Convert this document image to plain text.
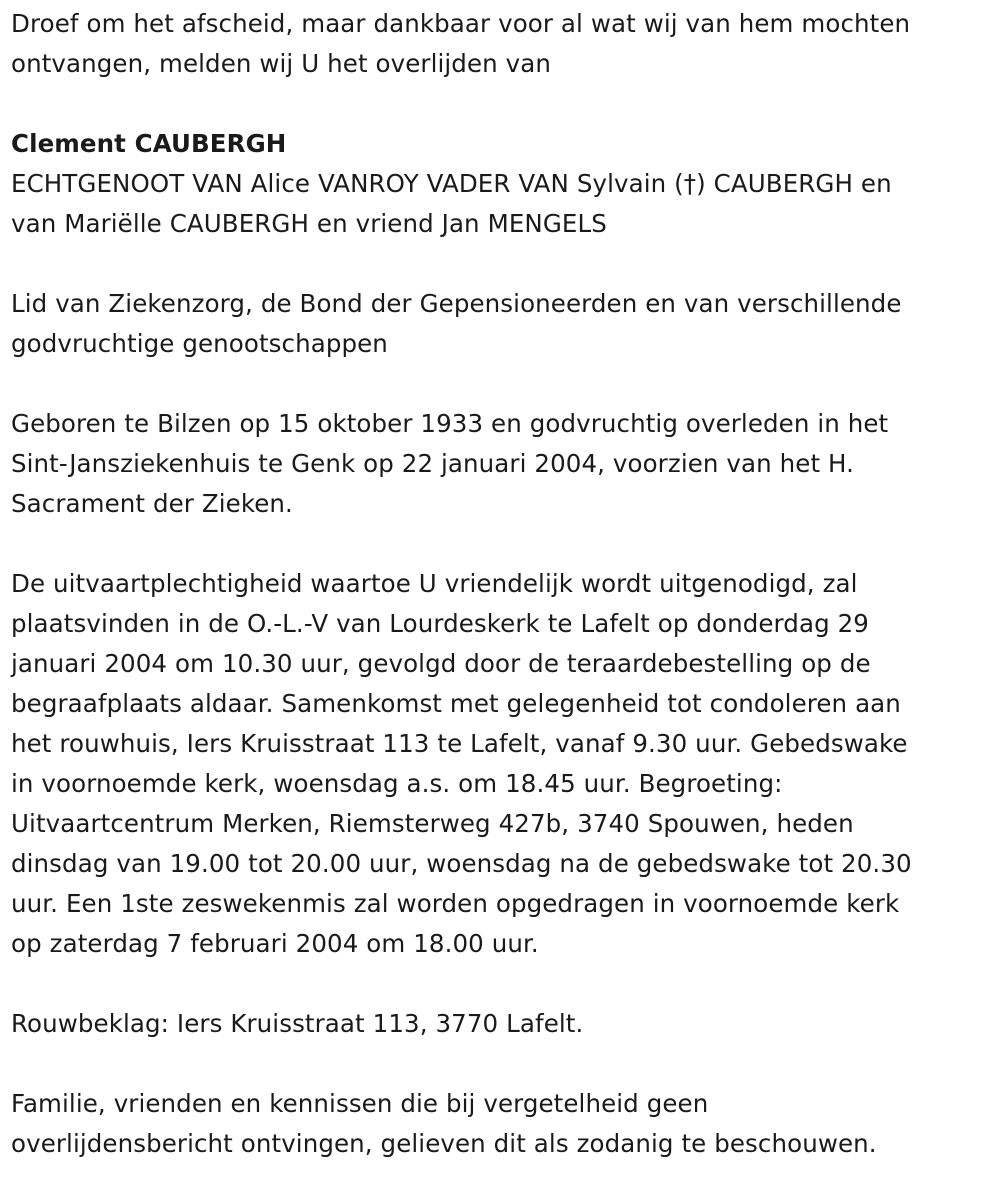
Droef om het afscheid, maar dankbaar voor al wat wij van hem mochten

ontvangen, melden wij U het overlijden van

Clement CAUBERGH

ECHTGENOOT VAN Alice VANROY VADER VAN Sylvain (†) CAUBERGH en

van Mariëlle CAUBERGH en vriend Jan MENGELS

Lid van Ziekenzorg, de Bond der Gepensioneerden en van verschillende

godvruchtige genootschappen

Geboren te Bilzen op 15 oktober 1933 en godvruchtig overleden in het

Sint-Jansziekenhuis te Genk op 22 januari 2004, voorzien van het H.

Sacrament der Zieken.

De uitvaartplechtigheid waartoe U vriendelijk wordt uitgenodigd, zal

plaatsvinden in de O.-L.-V van Lourdeskerk te Lafelt op donderdag 29

januari 2004 om 10.30 uur, gevolgd door de teraardebestelling op de

begraafplaats aldaar. Samenkomst met gelegenheid tot condoleren aan

het rouwhuis, Iers Kruisstraat 113 te Lafelt, vanaf 9.30 uur. Gebedswake

in voornoemde kerk, woensdag a.s. om 18.45 uur. Begroeting:

Uitvaartcentrum Merken, Riemsterweg 427b, 3740 Spouwen, heden

dinsdag van 19.00 tot 20.00 uur, woensdag na de gebedswake tot 20.30

uur. Een 1ste zeswekenmis zal worden opgedragen in voornoemde kerk

op zaterdag 7 februari 2004 om 18.00 uur.

Rouwbeklag: Iers Kruisstraat 113, 3770 Lafelt.

Familie, vrienden en kennissen die bij vergetelheid geen

overlijdensbericht ontvingen, gelieven dit als zodanig te beschouwen.
